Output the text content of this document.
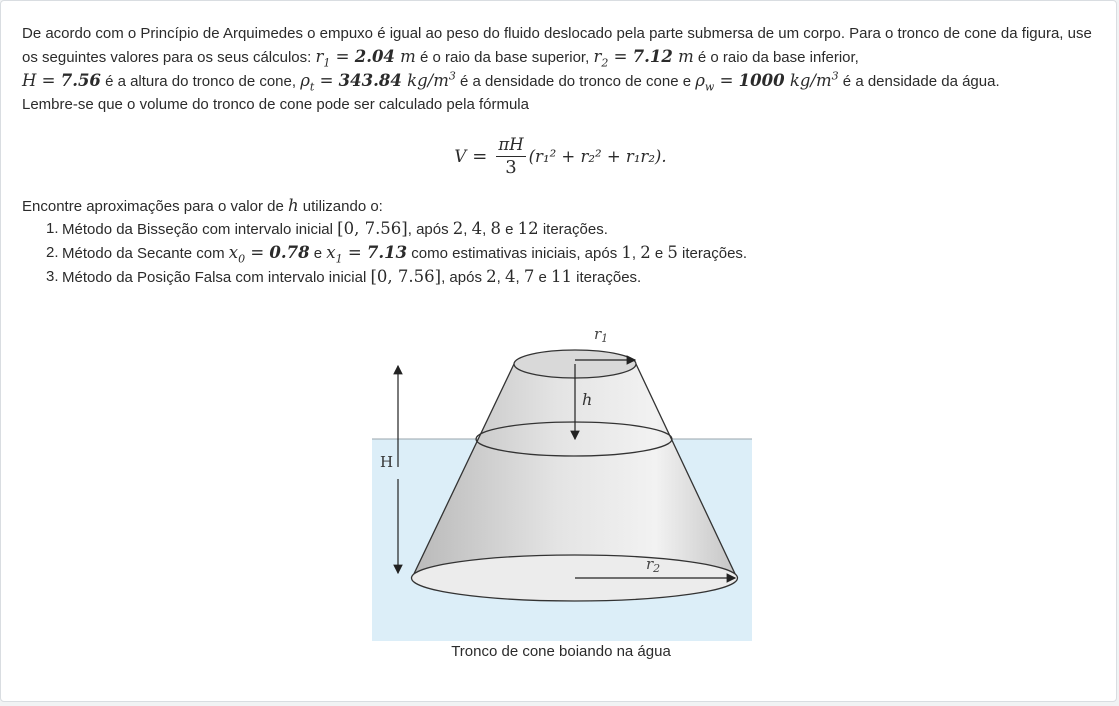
De acordo com o Princípio de Arquimedes o empuxo é igual ao peso do fluido deslocado pela parte submersa de um corpo. Para o tronco de cone da figura, use os seguintes valores para os seus cálculos: $r_1 = 2.04$ m é o raio da base superior, $r_2 = 7.12$ m é o raio da base inferior,
H = 7.56 é a altura do tronco de cone, $\rho_t = 343.84$ $kg/m^3$ é a densidade do tronco de cone e $\rho_w = 1000$ $kg/m^3$ é a densidade da água.
Lembre-se que o volume do tronco de cone pode ser calculado pela fórmula

$V = \frac{\pi H}{3} (r_1^2 + r_2^2 + r_1r_2)$.

Encontre aproximações para o valor de h utilizando o:

1. Método da Bisseção com intervalo inicial [0, 7.56], após 2, 4, 8 e 12 iterações.
2. Método da Secante com $x_0 = 0.78$ e $x_1 = 7.13$ como estimativas iniciais, após 1, 2 e 5 iterações.
3. Método da Posição Falsa com intervalo inicial [0, 7.56], após 2, 4, 7 e 11 iterações.
$r_1$
h
$r_2$
H
Tronco de cone boiando na água
